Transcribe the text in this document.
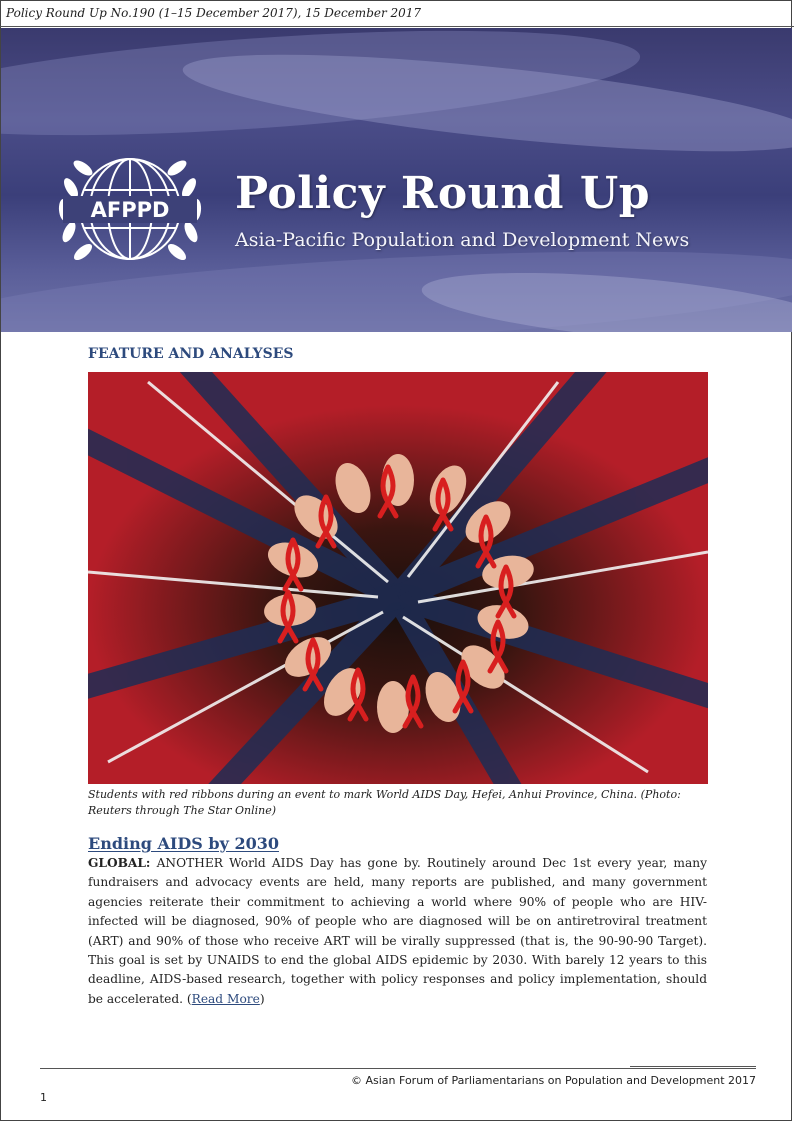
Policy Round Up No.190 (1–15 December 2017), 15 December 2017
AFPPD Policy Round Up
Asia-Pacific Population and Development News
FEATURE AND ANALYSES
Students with red ribbons during an event to mark World AIDS Day, Hefei, Anhui Province, China. (Photo: Reuters through The Star Online)
Ending AIDS by 2030
GLOBAL: ANOTHER World AIDS Day has gone by. Routinely around Dec 1st every year, many fundraisers and advocacy events are held, many reports are published, and many government agencies reiterate their commitment to achieving a world where 90% of people who are HIV-infected will be diagnosed, 90% of people who are diagnosed will be on antiretroviral treatment (ART) and 90% of those who receive ART will be virally suppressed (that is, the 90-90-90 Target). This goal is set by UNAIDS to end the global AIDS epidemic by 2030. With barely 12 years to this deadline, AIDS-based research, together with policy responses and policy implementation, should be accelerated. (Read More)
© Asian Forum of Parliamentarians on Population and Development 2017
1
